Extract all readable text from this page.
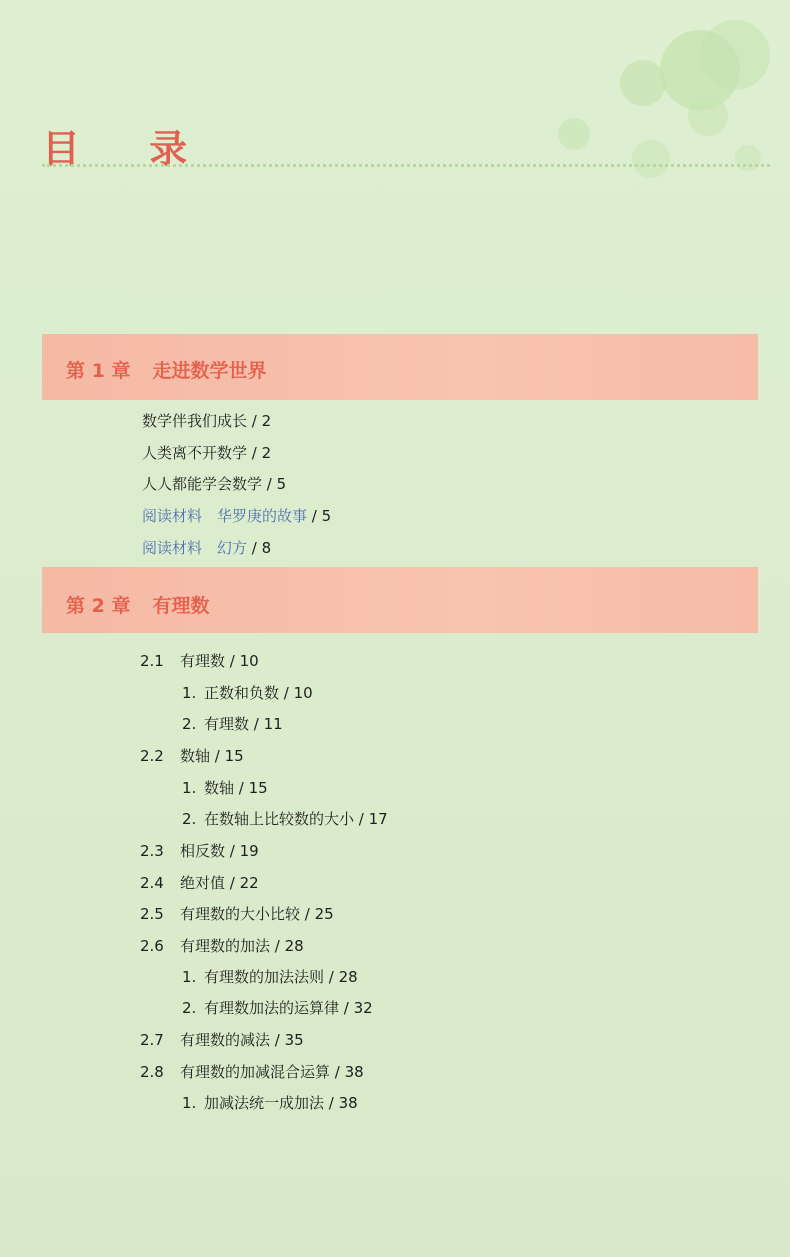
目 录
第 1 章 走进数学世界
数学伴我们成长 / 2
人类离不开数学 / 2
人人都能学会数学 / 5
阅读材料　华罗庚的故事 / 5
阅读材料　幻方 / 8
第 2 章 有理数
2.1 有理数 / 10
1. 正数和负数 / 10
2. 有理数 / 11
2.2 数轴 / 15
1. 数轴 / 15
2. 在数轴上比较数的大小 / 17
2.3 相反数 / 19
2.4 绝对值 / 22
2.5 有理数的大小比较 / 25
2.6 有理数的加法 / 28
1. 有理数的加法法则 / 28
2. 有理数加法的运算律 / 32
2.7 有理数的减法 / 35
2.8 有理数的加减混合运算 / 38
1. 加减法统一成加法 / 38
